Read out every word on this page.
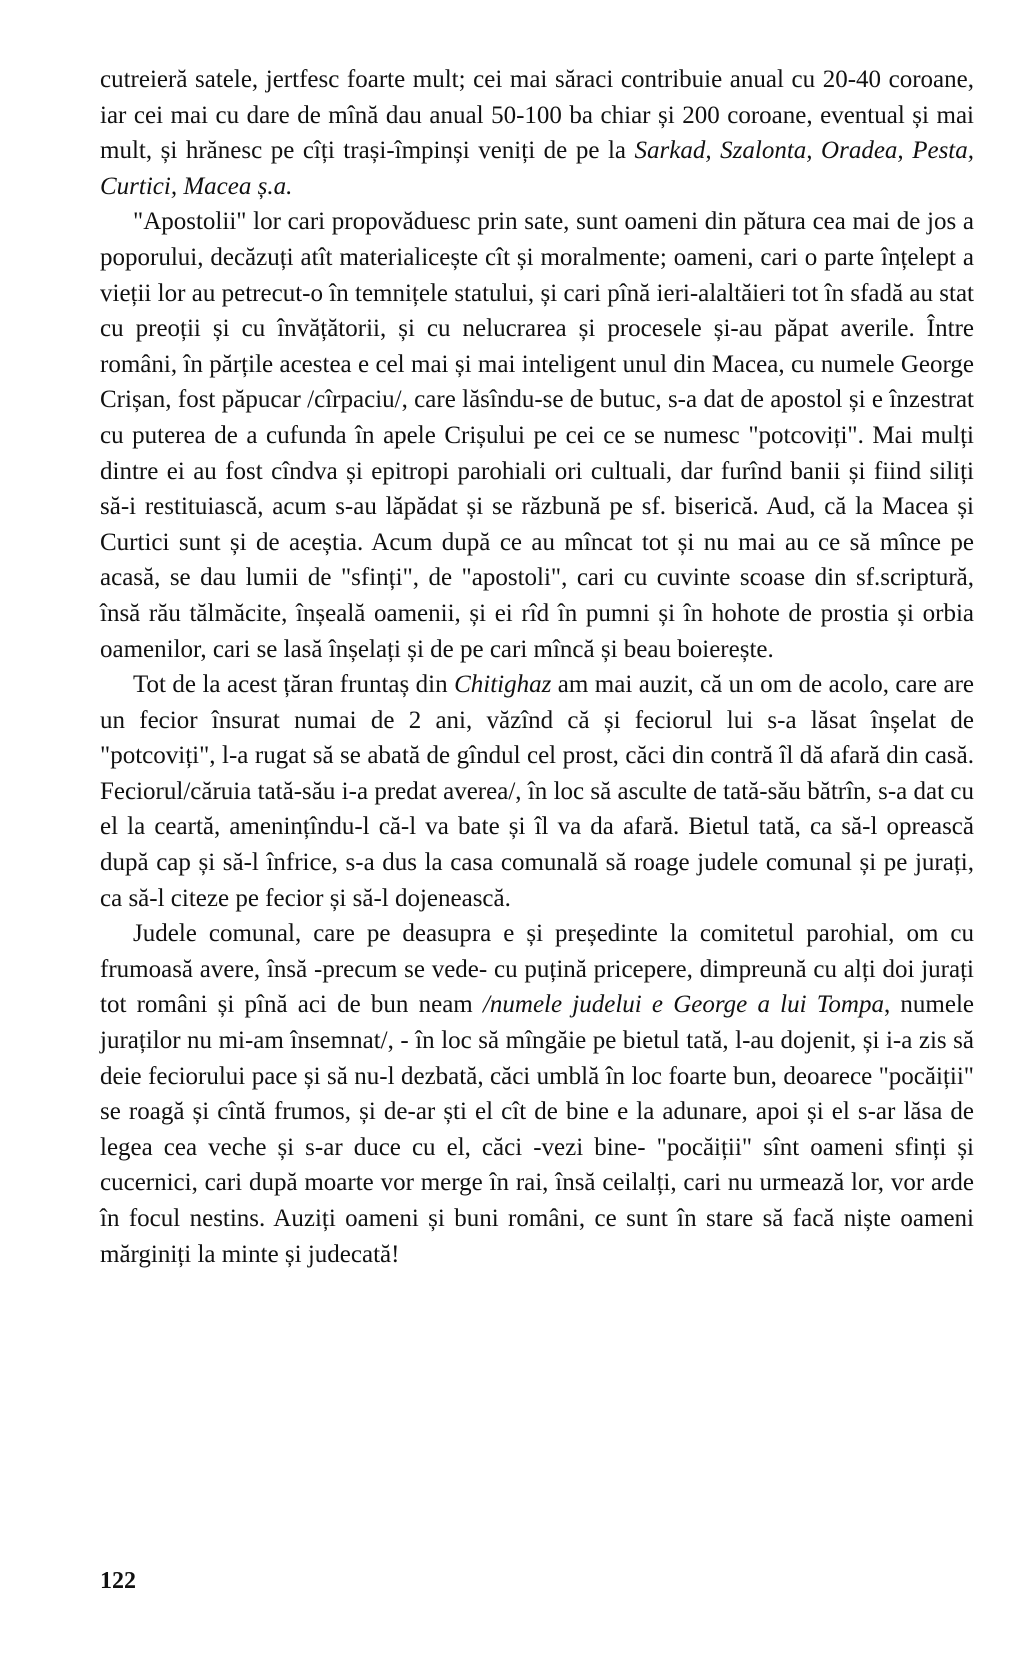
cutreieră satele, jertfesc foarte mult; cei mai săraci contribuie anual cu 20-40 coroane, iar cei mai cu dare de mînă dau anual 50-100 ba chiar și 200 coroane, eventual și mai mult, și hrănesc pe cîți trași-împinși veniți de pe la Sarkad, Szalonta, Oradea, Pesta, Curtici, Macea ș.a.

"Apostolii" lor cari propovăduesc prin sate, sunt oameni din pătura cea mai de jos a poporului, decăzuți atît materialicește cît și moralmente; oameni, cari o parte înțelept a vieții lor au petrecut-o în temnițele statului, și cari pînă ieri-alaltăieri tot în sfadă au stat cu preoții și cu învățătorii, și cu nelucrarea și procesele și-au păpat averile. Între români, în părțile acestea e cel mai și mai inteligent unul din Macea, cu numele George Crișan, fost păpucar /cîrpaciu/, care lăsîndu-se de butuc, s-a dat de apostol și e înzestrat cu puterea de a cufunda în apele Crișului pe cei ce se numesc "potcoviți". Mai mulți dintre ei au fost cîndva și epitropi parohiali ori cultuali, dar furînd banii și fiind siliți să-i restituiască, acum s-au lăpădat și se răzbună pe sf. biserică. Aud, că la Macea și Curtici sunt și de aceștia. Acum după ce au mîncat tot și nu mai au ce să mînce pe acasă, se dau lumii de "sfinți", de "apostoli", cari cu cuvinte scoase din sf.scriptură, însă rău tălmăcite, înșeală oamenii, și ei rîd în pumni și în hohote de prostia și orbia oamenilor, cari se lasă înșelați și de pe cari mîncă și beau boierește.

Tot de la acest țăran fruntaș din Chitighaz am mai auzit, că un om de acolo, care are un fecior însurat numai de 2 ani, văzînd că și feciorul lui s-a lăsat înșelat de "potcoviți", l-a rugat să se abată de gîndul cel prost, căci din contră îl dă afară din casă. Feciorul/căruia tată-său i-a predat averea/, în loc să asculte de tată-său bătrîn, s-a dat cu el la ceartă, amenințîndu-l că-l va bate și îl va da afară. Bietul tată, ca să-l oprească după cap și să-l înfrice, s-a dus la casa comunală să roage judele comunal și pe jurați, ca să-l citeze pe fecior și să-l dojenească.

Judele comunal, care pe deasupra e și președinte la comitetul parohial, om cu frumoasă avere, însă -precum se vede- cu puțină pricepere, dimpreună cu alți doi jurați tot români și pînă aci de bun neam /numele judelui e George a lui Tompa, numele juraților nu mi-am însemnat/, - în loc să mîngăie pe bietul tată, l-au dojenit, și i-a zis să deie feciorului pace și să nu-l dezbată, căci umblă în loc foarte bun, deoarece "pocăiții" se roagă și cîntă frumos, și de-ar ști el cît de bine e la adunare, apoi și el s-ar lăsa de legea cea veche și s-ar duce cu el, căci -vezi bine- "pocăiții" sînt oameni sfinți și cucernici, cari după moarte vor merge în rai, însă ceilalți, cari nu urmează lor, vor arde în focul nestins. Auziți oameni și buni români, ce sunt în stare să facă niște oameni mărginiți la minte și judecată!

122
